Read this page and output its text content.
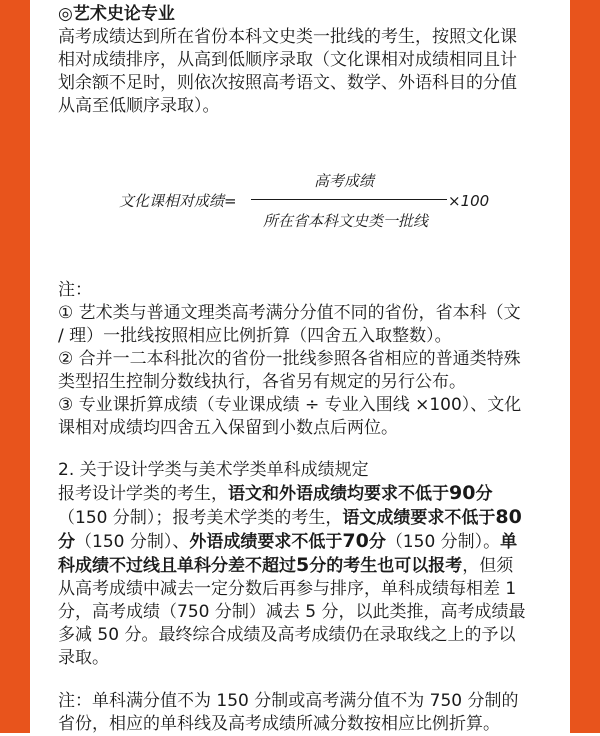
◎艺术史论专业

高考成绩达到所在省份本科文史类一批线的考生，按照文化课

相对成绩排序，从高到低顺序录取（文化课相对成绩相同且计

划余额不足时，则依次按照高考语文、数学、外语科目的分值

从高至低顺序录取）。

文化课相对成绩=
高考成绩
所在省本科文史类一批线
×100

注：

① 艺术类与普通文理类高考满分分值不同的省份，省本科（文

/ 理）一批线按照相应比例折算（四舍五入取整数）。

② 合并一二本科批次的省份一批线参照各省相应的普通类特殊

类型招生控制分数线执行，各省另有规定的另行公布。

③ 专业课折算成绩（专业课成绩 ÷ 专业入围线 ×100）、文化

课相对成绩均四舍五入保留到小数点后两位。

2. 关于设计学类与美术学类单科成绩规定

报考设计学类的考生，语文和外语成绩均要求不低于90分

（150 分制）；报考美术学类的考生，语文成绩要求不低于80

分（150 分制）、外语成绩要求不低于70分（150 分制）。单

科成绩不过线且单科分差不超过5分的考生也可以报考，但须

从高考成绩中减去一定分数后再参与排序，单科成绩每相差 1

分，高考成绩（750 分制）减去 5 分，以此类推，高考成绩最

多减 50 分。最终综合成绩及高考成绩仍在录取线之上的予以

录取。

注：单科满分值不为 150 分制或高考满分值不为 750 分制的

省份，相应的单科线及高考成绩所减分数按相应比例折算。
